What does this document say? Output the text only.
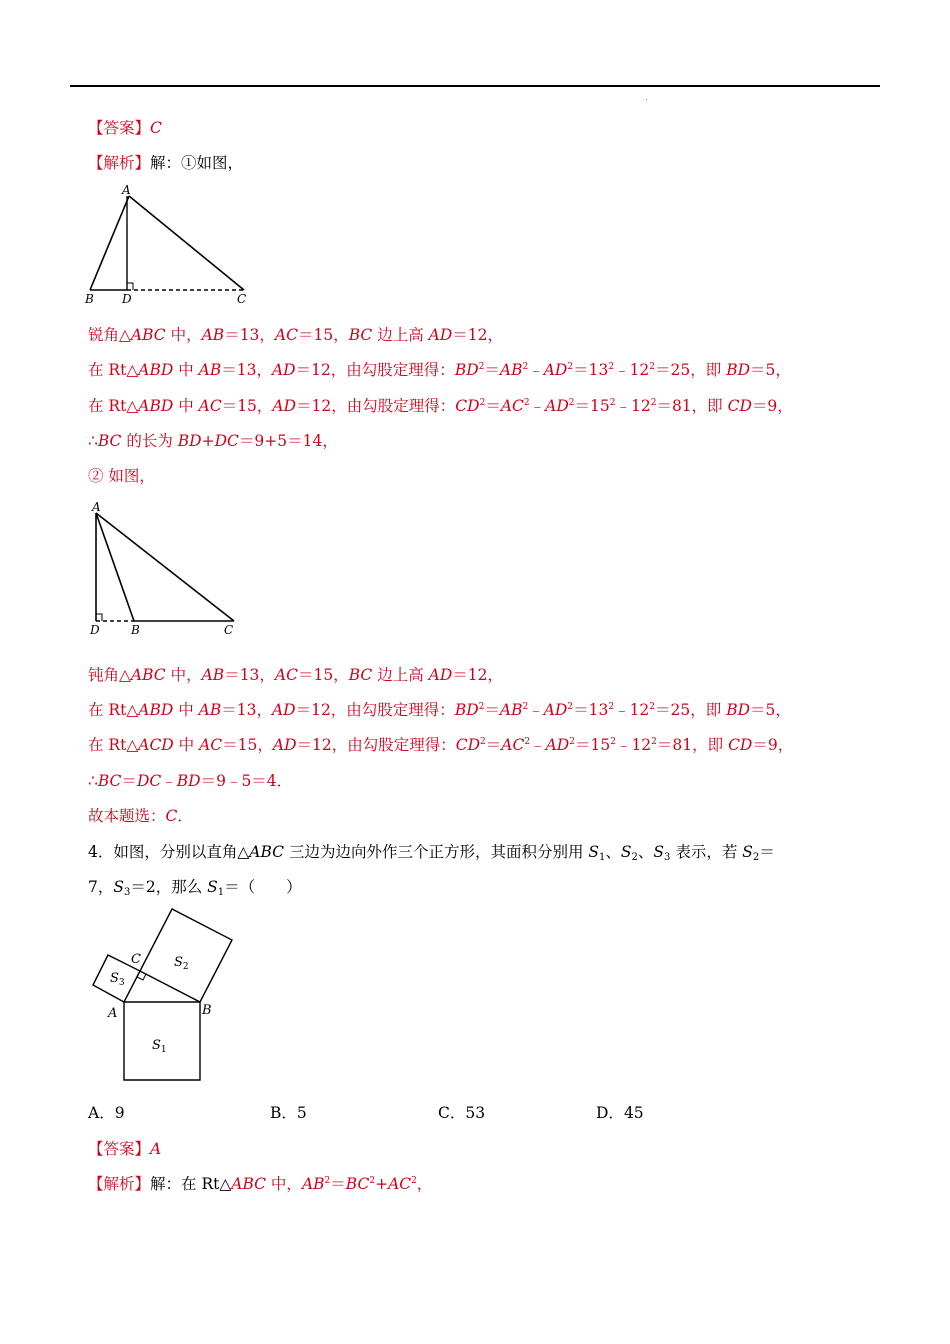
【答案】C
【解析】解：①如图，
A
B D	C
锐角△ABC 中，AB＝13，AC＝15，BC 边上高 AD＝12，
在 Rt△ABD 中 AB＝13，AD＝12，由勾股定理得：$BD^2=AB^2﹣AD^2=13^2﹣12^2=25$，即 BD＝5，
在 Rt△ABD 中 AC＝15，AD＝12，由勾股定理得：$CD^2=AC^2﹣AD^2=15^2﹣12^2=81$，即 CD＝9，
∴BC 的长为 BD+DC＝9+5＝14，
② 如图，
A
D	B	C
钝角△ABC 中，AB＝13，AC＝15，BC 边上高 AD＝12，
在 Rt△ABD 中 AB＝13，AD＝12，由勾股定理得：$BD^2=AB^2﹣AD^2=13^2﹣12^2=25$，即 BD＝5，
在 Rt△ACD 中 AC＝15，AD＝12，由勾股定理得：$CD^2=AC^2﹣AD^2=15^2﹣12^2=81$，即 CD＝9，
∴BC＝DC﹣BD＝9﹣5＝4．
故本题选：C．
4．如图，分别以直角△ABC 三边为边向外作三个正方形，其面积分别用 $S_1$、$S_2$、$S_3$ 表示，若 $S_2=$
7，$S_3=2$，那么 $S_1=$（　　）
C
A	B
$S_1$
$S_2$
$S_3$
A．9	B．5	C．53	D．45
【答案】A
【解析】解：在 Rt△ABC 中，$AB^2=BC^2+AC^2$，
